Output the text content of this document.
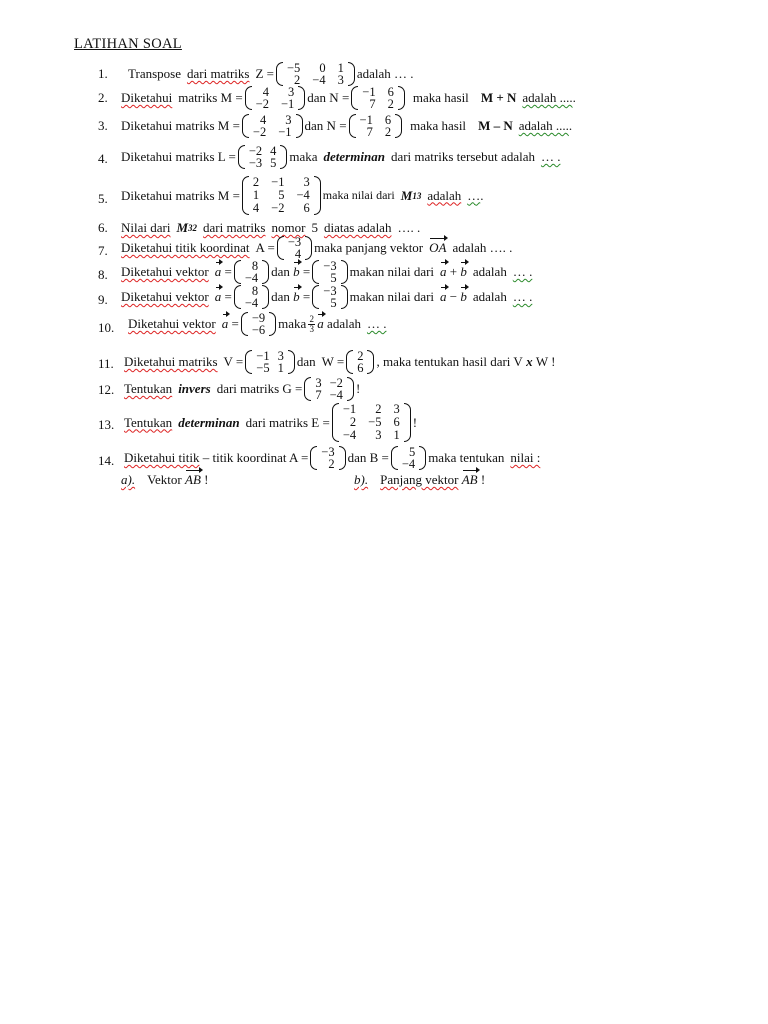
LATIHAN SOAL
1.	Transpose dari matriks Z = −5	0 1
2 −4 3 adalah … .
2.	Diketahui matriks M =	4	3
−2 −1 dan N = −1 6
7 2 maka hasil M + N adalah .... .
3.	Diketahui matriks M =	4	3
−2 −1 dan N = −1 6
7 2 maka hasil M – N adalah .... .
4.	Diketahui matriks L = −2 4
−3 5 maka determinan dari matriks tersebut adalah … .
5.	Diketahui matriks M =
2 −1	3
1	5 −4
4 −2	6
maka nilai dari M 13 adalah … .
6.	Nilai dari M 32 dari matriks nomor 5 diatas adalah …. .
7.	Diketahui titik koordinat A = −3
4 maka panjang vektor OA adalah …. .
8.	Diketahui vektor a
=	8
−4 dan
b
= −3
5 makan nilai dari a
+
b adalah … .
9.	Diketahui vektor a
=	8
−4 dan
b
= −3
5 makan nilai dari a
−
b adalah … .
10.	Diketahui vektor a
= −9
−6 maka $\frac{2}{3}$ a
adalah … .
11. Diketahui matriks V = −1 3
−5 1 dan W = 2
6 , maka tentukan hasil dari V
x
W !
12. Tentukan invers dari matriks G = 3 −2
7 −4 !
13. Tentukan determinan dari matriks E =
−1	2 3
2 −5 6
−4	3 1
!
14. Diketahui titik
– titik koordinat A = −3
2 dan B =	5
−4 maka tentukan nilai :
a). Vektor
AB
!	b). Panjang vektor
AB
!
